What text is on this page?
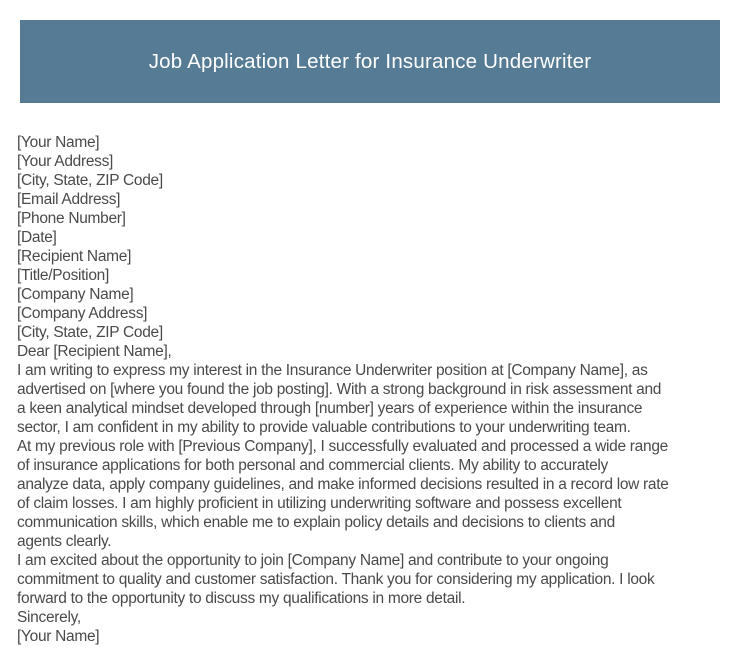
Job Application Letter for Insurance Underwriter
[Your Name]
[Your Address]
[City, State, ZIP Code]
[Email Address]
[Phone Number]
[Date]
[Recipient Name]
[Title/Position]
[Company Name]
[Company Address]
[City, State, ZIP Code]
Dear [Recipient Name],
I am writing to express my interest in the Insurance Underwriter position at [Company Name], as
advertised on [where you found the job posting]. With a strong background in risk assessment and
a keen analytical mindset developed through [number] years of experience within the insurance
sector, I am confident in my ability to provide valuable contributions to your underwriting team.
At my previous role with [Previous Company], I successfully evaluated and processed a wide range
of insurance applications for both personal and commercial clients. My ability to accurately
analyze data, apply company guidelines, and make informed decisions resulted in a record low rate
of claim losses. I am highly proficient in utilizing underwriting software and possess excellent
communication skills, which enable me to explain policy details and decisions to clients and
agents clearly.
I am excited about the opportunity to join [Company Name] and contribute to your ongoing
commitment to quality and customer satisfaction. Thank you for considering my application. I look
forward to the opportunity to discuss my qualifications in more detail.
Sincerely,
[Your Name]
